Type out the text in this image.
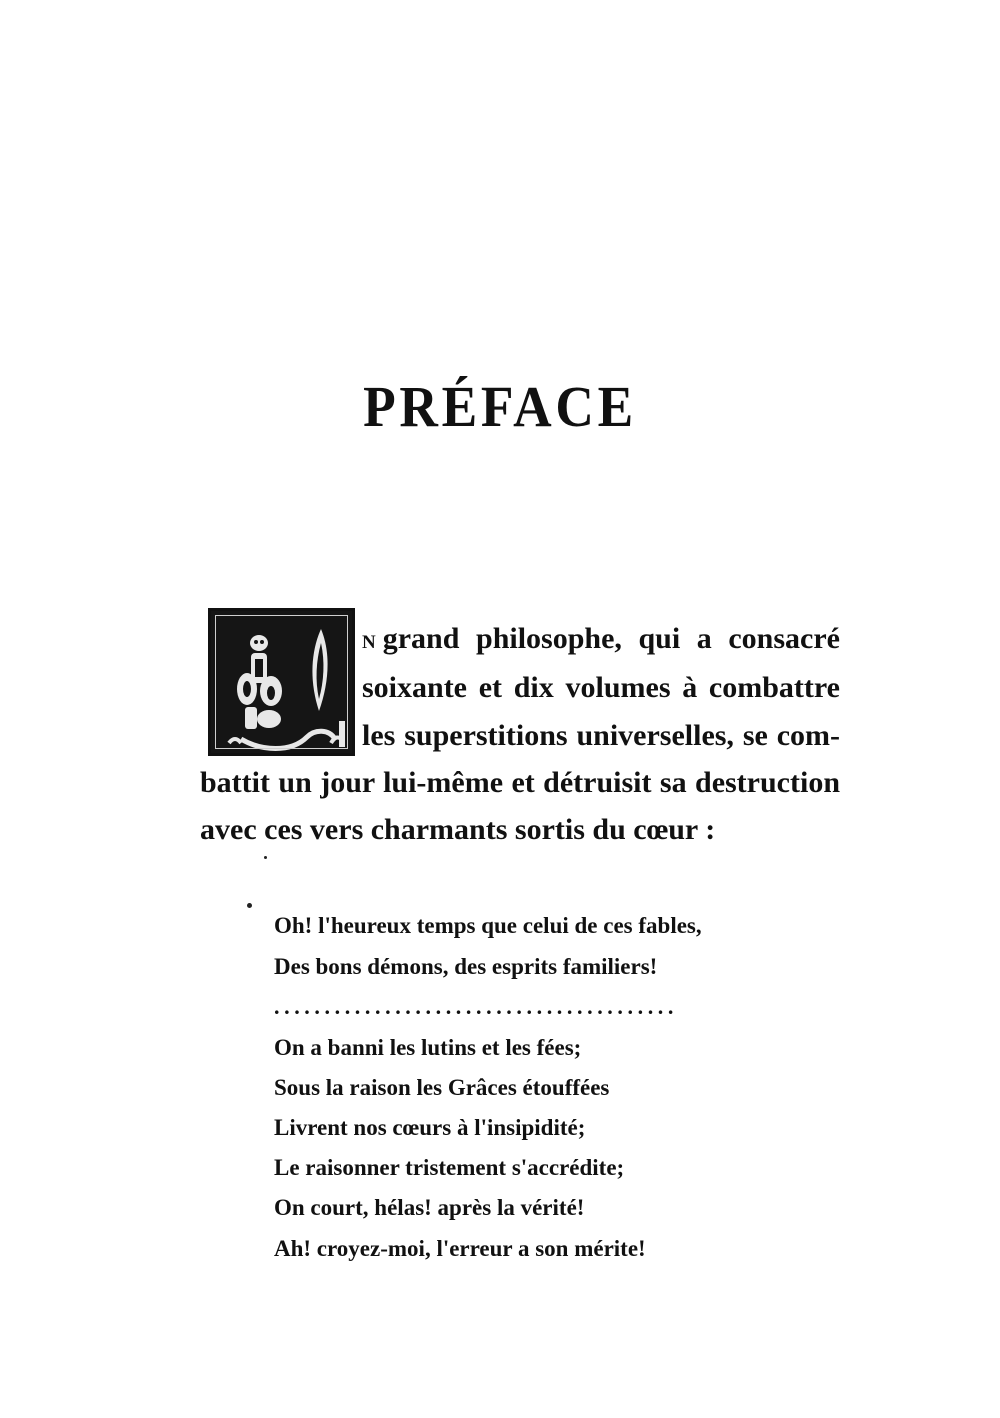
PRÉFACE
N grand philosophe, qui a consacré
soixante et dix volumes à combattre
les superstitions universelles, se com-
battit un jour lui-même et détruisit sa destruction
avec ces vers charmants sortis du cœur :
Oh! l'heureux temps que celui de ces fables,
Des bons démons, des esprits familiers!
........................................
On a banni les lutins et les fées;
Sous la raison les Grâces étouffées
Livrent nos cœurs à l'insipidité;
Le raisonner tristement s'accrédite;
On court, hélas! après la vérité!
Ah! croyez-moi, l'erreur a son mérite!
